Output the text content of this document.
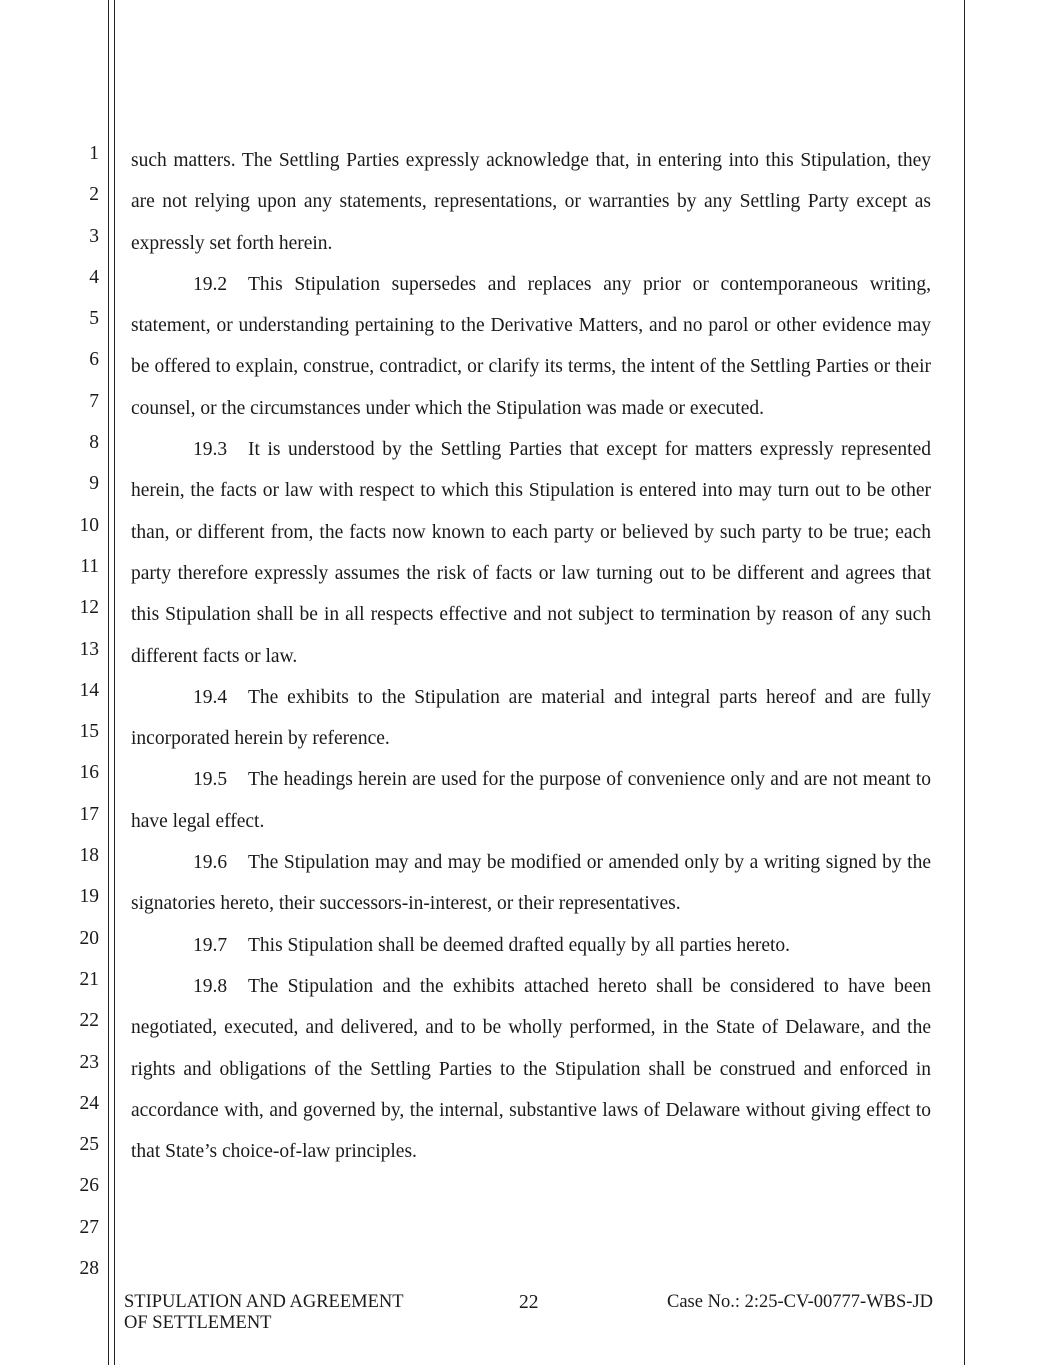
1
2
3
4
5
6
7
8
9
10
11
12
13
14
15
16
17
18
19
20
21
22
23
24
25
26
27
28

such matters. The Settling Parties expressly acknowledge that, in entering into this Stipulation, they are not relying upon any statements, representations, or warranties by any Settling Party except as expressly set forth herein.

19.2 This Stipulation supersedes and replaces any prior or contemporaneous writing, statement, or understanding pertaining to the Derivative Matters, and no parol or other evidence may be offered to explain, construe, contradict, or clarify its terms, the intent of the Settling Parties or their counsel, or the circumstances under which the Stipulation was made or executed.

19.3 It is understood by the Settling Parties that except for matters expressly represented herein, the facts or law with respect to which this Stipulation is entered into may turn out to be other than, or different from, the facts now known to each party or believed by such party to be true; each party therefore expressly assumes the risk of facts or law turning out to be different and agrees that this Stipulation shall be in all respects effective and not subject to termination by reason of any such different facts or law.

19.4 The exhibits to the Stipulation are material and integral parts hereof and are fully incorporated herein by reference.

19.5 The headings herein are used for the purpose of convenience only and are not meant to have legal effect.

19.6 The Stipulation may and may be modified or amended only by a writing signed by the signatories hereto, their successors-in-interest, or their representatives.

19.7 This Stipulation shall be deemed drafted equally by all parties hereto.

19.8 The Stipulation and the exhibits attached hereto shall be considered to have been negotiated, executed, and delivered, and to be wholly performed, in the State of Delaware, and the rights and obligations of the Settling Parties to the Stipulation shall be construed and enforced in accordance with, and governed by, the internal, substantive laws of Delaware without giving effect to that State’s choice-of-law principles.

STIPULATION AND AGREEMENT
OF SETTLEMENT
22	Case No.: 2:25-CV-00777-WBS-JD
